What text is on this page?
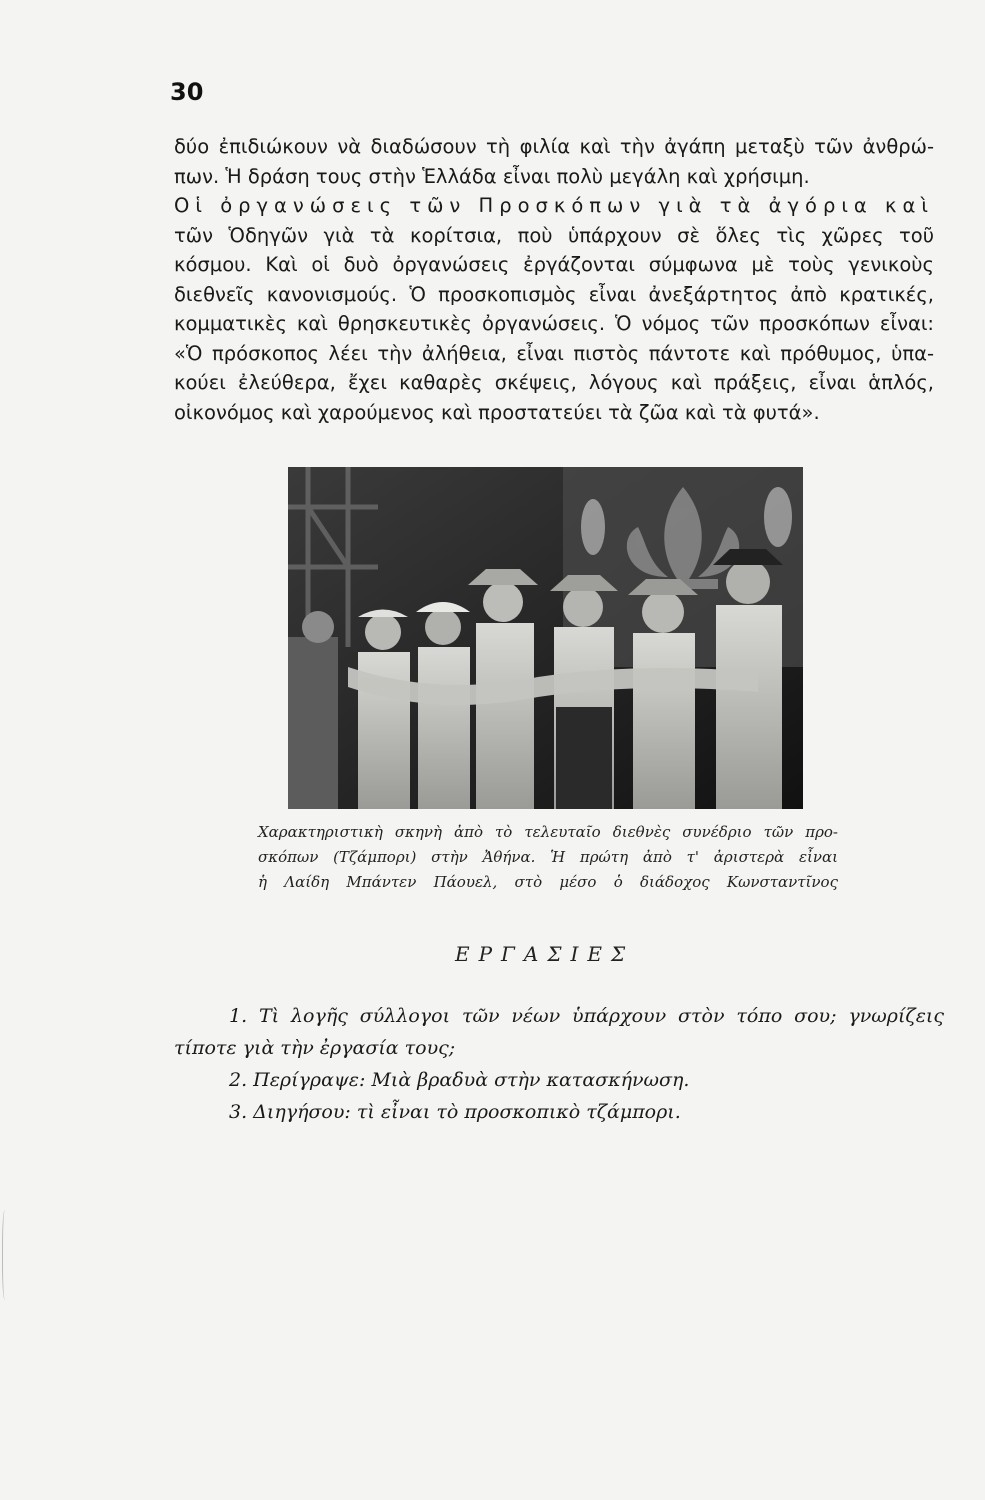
30
δύο ἐπιδιώκουν νὰ διαδώσουν τὴ φιλία καὶ τὴν ἀγάπη μεταξὺ τῶν ἀνθρώ-
πων. Ἡ δράση τους στὴν Ἑλλάδα εἶναι πολὺ μεγάλη καὶ χρήσιμη.
Οἱ ὀργανώσεις τῶν Προσκόπων γιὰ τὰ ἀγόρια καὶ
τῶν Ὁδηγῶν γιὰ τὰ κορίτσια, ποὺ ὑπάρχουν σὲ ὅλες τὶς χῶρες τοῦ
κόσμου. Καὶ οἱ δυὸ ὀργανώσεις ἐργάζονται σύμφωνα μὲ τοὺς γενικοὺς
διεθνεῖς κανονισμούς. Ὁ προσκοπισμὸς εἶναι ἀνεξάρτητος ἀπὸ κρατικές,
κομματικὲς καὶ θρησκευτικὲς ὀργανώσεις. Ὁ νόμος τῶν προσκόπων εἶναι:
«Ὁ πρόσκοπος λέει τὴν ἀλήθεια, εἶναι πιστὸς πάντοτε καὶ πρόθυμος, ὑπα-
κούει ἐλεύθερα, ἔχει καθαρὲς σκέψεις, λόγους καὶ πράξεις, εἶναι ἁπλός,
οἰκονόμος καὶ χαρούμενος καὶ προστατεύει τὰ ζῶα καὶ τὰ φυτά».
Χαρακτηριστικὴ σκηνὴ ἀπὸ τὸ τελευταῖο διεθνὲς συνέδριο τῶν προ-
σκόπων (Τζάμπορι) στὴν Ἀθήνα. Ἡ πρώτη ἀπὸ τ' ἀριστερὰ εἶναι
ἡ Λαίδη Μπάντεν Πάουελ, στὸ μέσο ὁ διάδοχος Κωνσταντῖνος
ΕΡΓΑΣΙΕΣ
1. Τὶ λογῆς σύλλογοι τῶν νέων ὑπάρχουν στὸν τόπο σου; γνωρίζεις
τίποτε γιὰ τὴν ἐργασία τους;
2. Περίγραψε: Μιὰ βραδυὰ στὴν κατασκήνωση.
3. Διηγήσου: τὶ εἶναι τὸ προσκοπικὸ τζάμπορι.
